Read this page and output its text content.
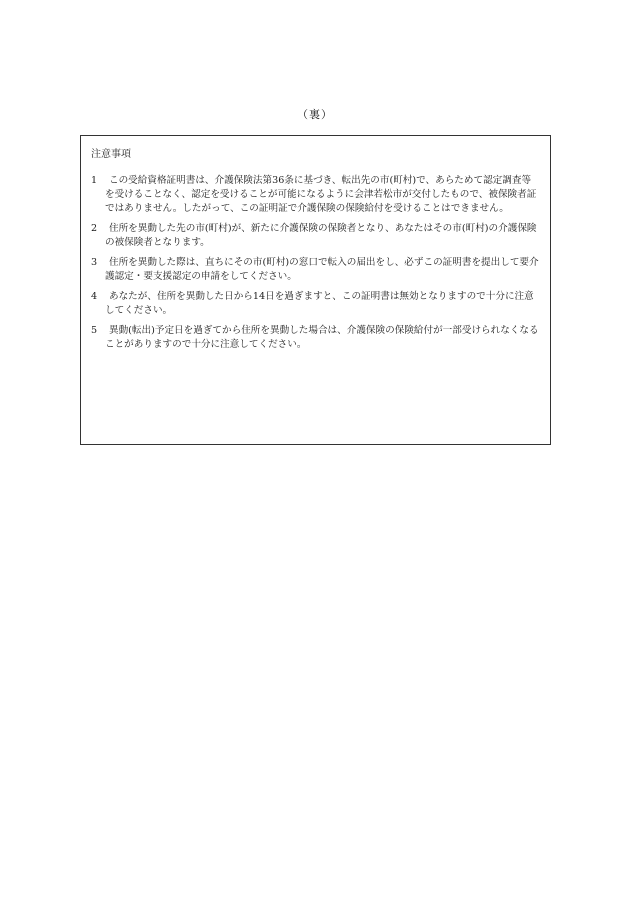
（裏）
注意事項
1	この受給資格証明書は、介護保険法第36条に基づき、転出先の市(町村)で、あらためて認定調査等を受けることなく、認定を受けることが可能になるように会津若松市が交付したもので、被保険者証ではありません。したがって、この証明証で介護保険の保険給付を受けることはできません。
2	住所を異動した先の市(町村)が、新たに介護保険の保険者となり、あなたはその市(町村)の介護保険の被保険者となります。
3	住所を異動した際は、直ちにその市(町村)の窓口で転入の届出をし、必ずこの証明書を提出して要介護認定・要支援認定の申請をしてください。
4	あなたが、住所を異動した日から14日を過ぎますと、この証明書は無効となりますので十分に注意してください。
5	異動(転出)予定日を過ぎてから住所を異動した場合は、介護保険の保険給付が一部受けられなくなることがありますので十分に注意してください。
